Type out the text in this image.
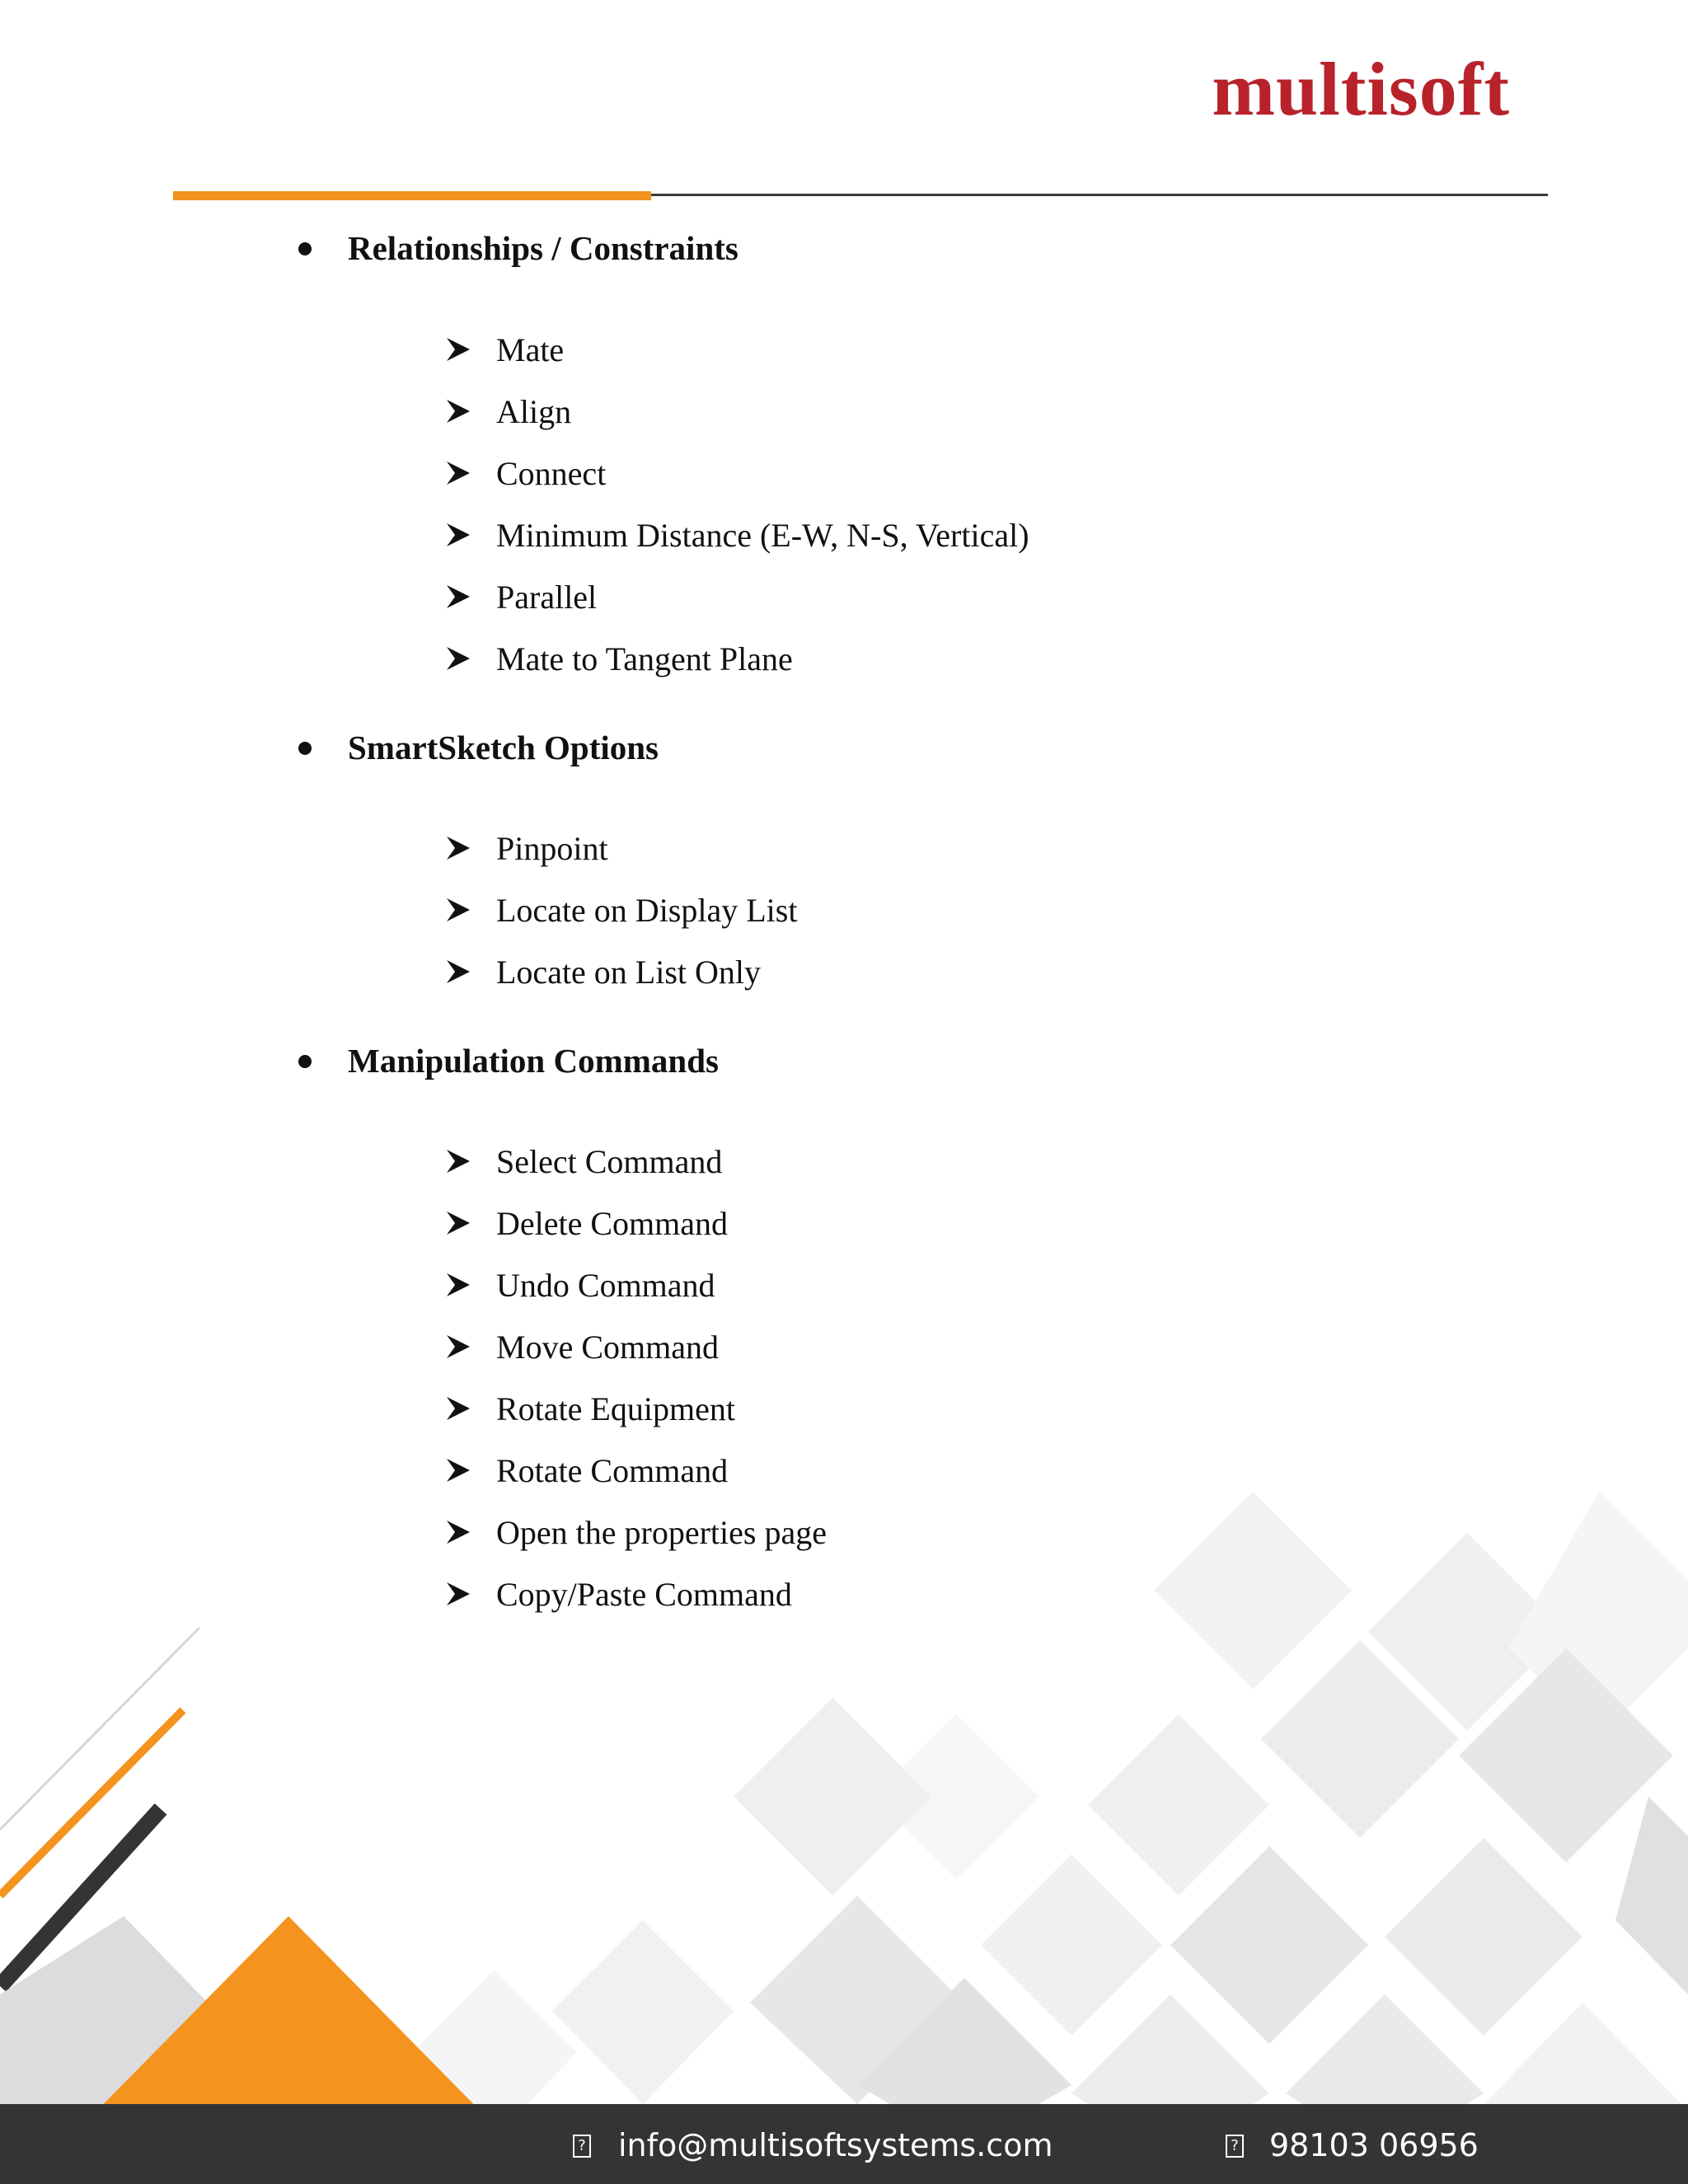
multisoft
Relationships / Constraints
Mate
Align
Connect
Minimum Distance (E-W, N-S, Vertical)
Parallel
Mate to Tangent Plane
SmartSketch Options
Pinpoint
Locate on Display List
Locate on List Only
Manipulation Commands
Select Command
Delete Command
Undo Command
Move Command
Rotate Equipment
Rotate Command
Open the properties page
Copy/Paste Command
? info@multisoftsystems.com	? 98103 06956
